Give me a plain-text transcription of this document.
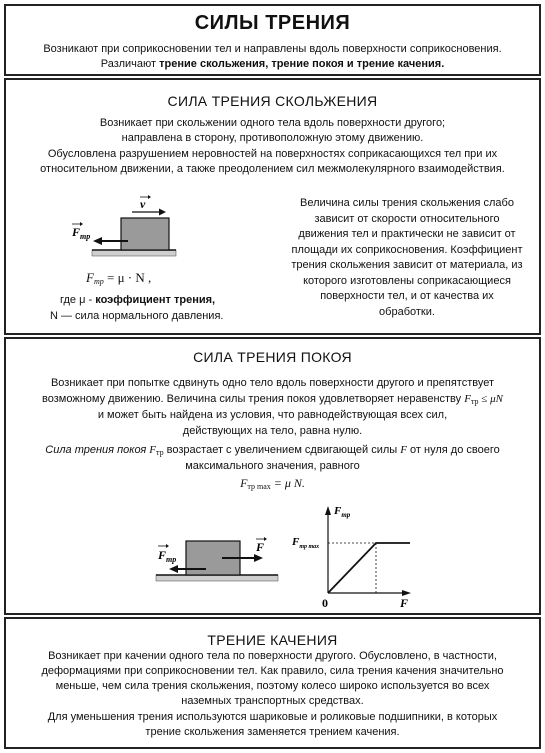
СИЛЫ ТРЕНИЯ
Возникают при соприкосновении тел и направлены вдоль поверхности соприкосновения.
Различают трение скольжения, трение покоя и трение качения.
СИЛА ТРЕНИЯ СКОЛЬЖЕНИЯ
Возникает при скольжении одного тела вдоль поверхности другого;
направлена в сторону, противоположную этому движению.
Обусловлена разрушением неровностей на поверхностях соприкасающихся тел при их
относительном движении, а также преодолением сил межмолекулярного взаимодействия.
v
$F_{тр}$
$F_{тр} = \mu \cdot N$ ,
где μ - коэффициент трения,
N — сила нормального давления.
Величина силы трения скольжения слабо
зависит от скорости относительного
движения тел и практически не зависит от
площади их соприкосновения. Коэффициент
трения скольжения зависит от материала, из
которого изготовлены соприкасающиеся
поверхности тел, и от качества их
обработки.
СИЛА ТРЕНИЯ ПОКОЯ
Возникает при попытке сдвинуть одно тело вдоль поверхности другого и препятствует
возможному движению. Величина силы трения покоя удовлетворяет неравенству $F_{тр} \le \mu N$
и может быть найдена из условия, что равнодействующая всех сил,
действующих на тело, равна нулю.
Сила трения покоя $F_{тр}$ возрастает с увеличением сдвигающей силы F от нуля до своего
максимального значения, равного
$F_{тр max} = \mu$ N.
F
$F_{тр}$
$F_{тр}$
$F_{тр max}$
0	F
ТРЕНИЕ КАЧЕНИЯ
Возникает при качении одного тела по поверхности другого. Обусловлено, в частности,
деформациями при соприкосновении тел. Как правило, сила трения качения значительно
меньше, чем сила трения скольжения, поэтому колесо широко используется во всех
наземных транспортных средствах.
Для уменьшения трения используются шариковые и роликовые подшипники, в которых
трение скольжения заменяется трением качения.
